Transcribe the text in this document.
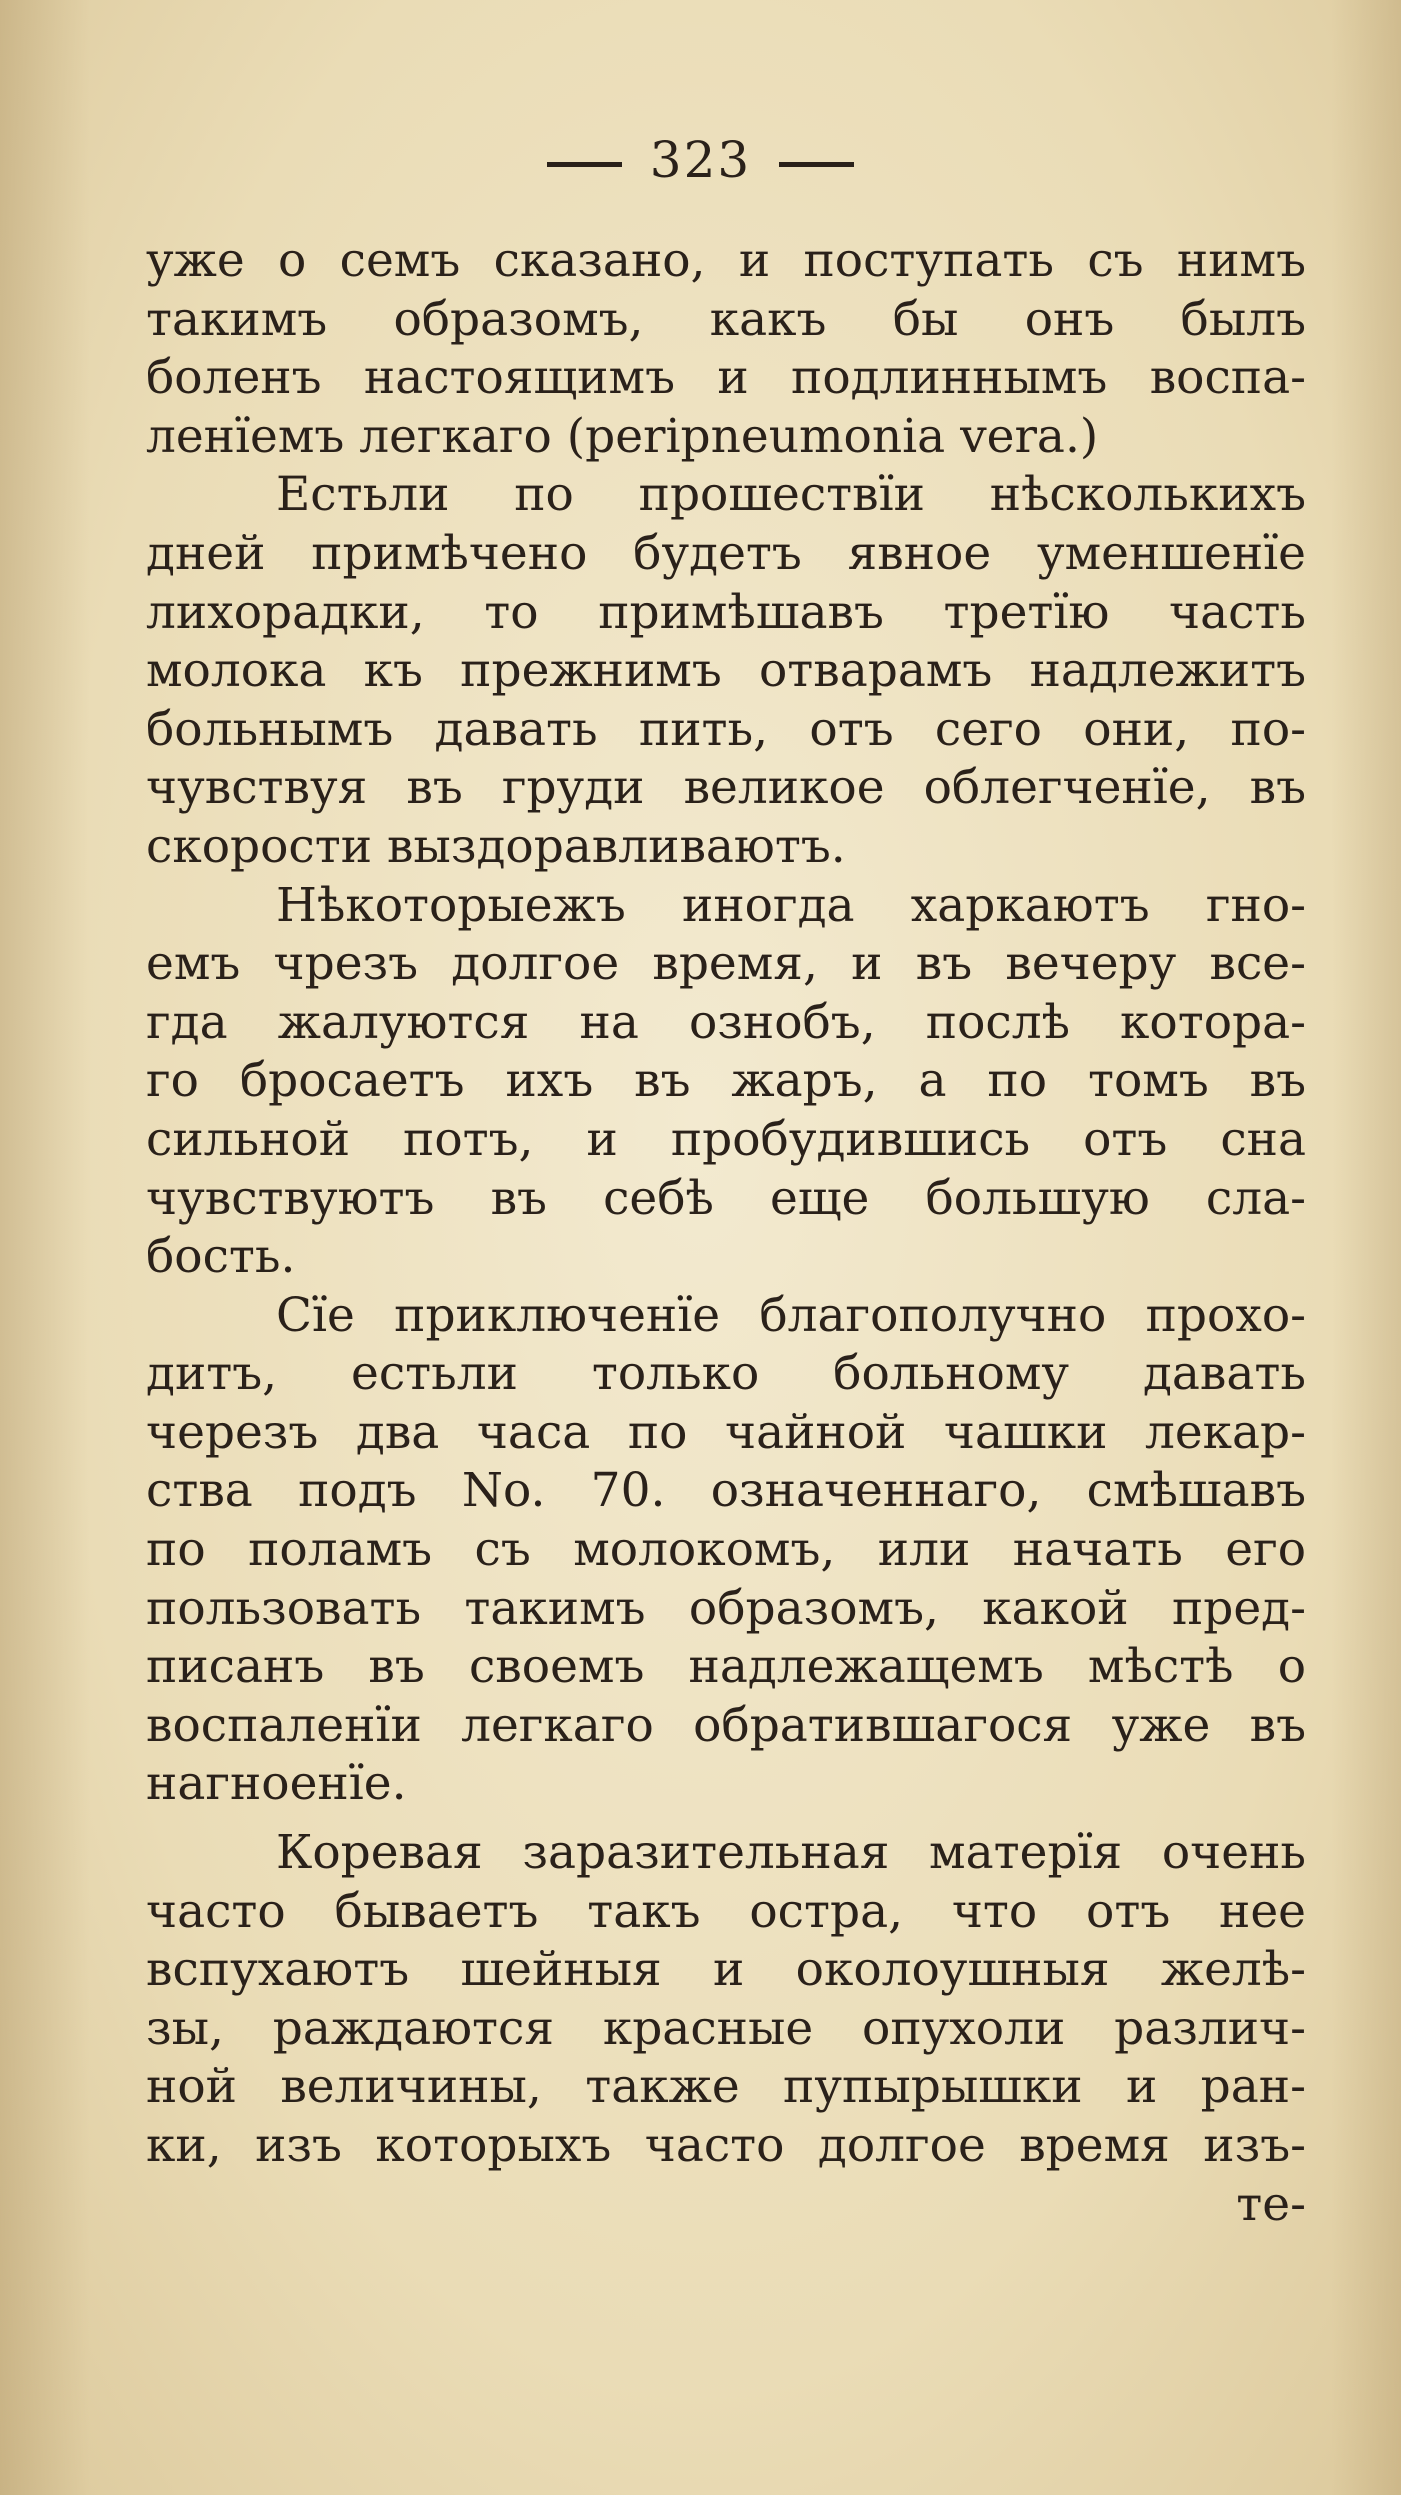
323
уже о семъ сказано, и поступать съ нимъ
такимъ образомъ, какъ бы онъ былъ
боленъ настоящимъ и подлиннымъ воспа-
ленїемъ легкаго (peripneumonia vera.)
Естьли по прошествїи нѣсколькихъ
дней примѣчено будетъ явное уменшенїе
лихорадки, то примѣшавъ третїю часть
молока къ прежнимъ отварамъ надлежитъ
больнымъ давать пить, отъ сего они, по-
чувствуя въ груди великое облегченїе, въ
скорости выздоравливаютъ.
Нѣкоторыежъ иногда харкаютъ гно-
емъ чрезъ долгое время, и въ вечеру все-
гда жалуются на ознобъ, послѣ котора-
го бросаетъ ихъ въ жаръ, а по томъ въ
сильной потъ, и пробудившись отъ сна
чувствуютъ въ себѣ еще большую сла-
бость.
Сїе приключенїе благополучно прохо-
дитъ, естьли только больному давать
черезъ два часа по чайной чашки лекар-
ства подъ No. 70. означеннаго, смѣшавъ
по поламъ съ молокомъ, или начать его
пользовать такимъ образомъ, какой пред-
писанъ въ своемъ надлежащемъ мѣстѣ о
воспаленїи легкаго обратившагося уже въ
нагноенїе.
Коревая заразительная матерїя очень
часто бываетъ такъ остра, что отъ нее
вспухаютъ шейныя и околоушныя желѣ-
зы, раждаются красные опухоли различ-
ной величины, также пупырышки и ран-
ки, изъ которыхъ часто долгое время изъ-
те-
